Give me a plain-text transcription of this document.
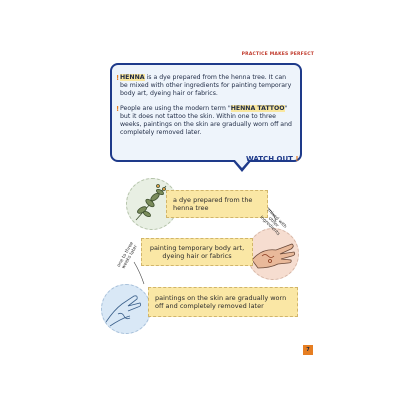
PRACTICE MAKES PERFECT
! HENNA is a dye prepared from the henna tree. It can be mixed with other ingredients for painting temporary body art, dyeing hair or fabrics.
! People are using the modern term "HENNA TATTOO" but it does not tattoo the skin. Within one to three weeks, paintings on the skin are gradually worn off and completely removed later.
WATCH OUT !
a dye prepared from the henna tree
painting temporary body art, dyeing hair or fabrics
paintings on the skin are gradually worn off and completely removed later
mixed with other ingredients
one to three weeks later
7
